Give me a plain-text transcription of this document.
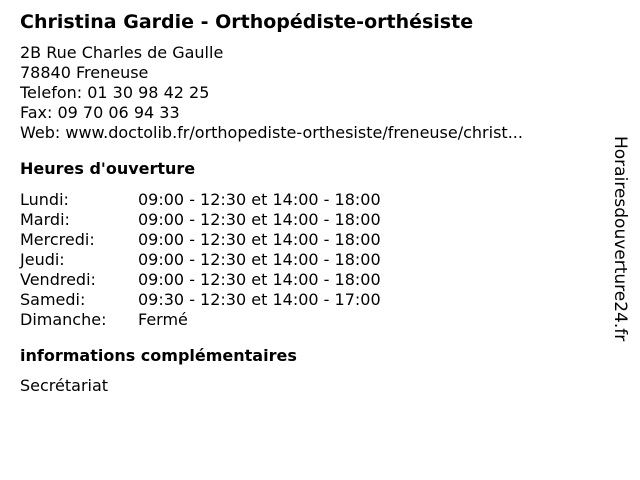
Christina Gardie - Orthopédiste-orthésiste
2B Rue Charles de Gaulle
78840 Freneuse
Telefon: 01 30 98 42 25
Fax: 09 70 06 94 33
Web: www.doctolib.fr/orthopediste-orthesiste/freneuse/christ...
Heures d'ouverture
Lundi:	09:00 - 12:30 et 14:00 - 18:00
Mardi:	09:00 - 12:30 et 14:00 - 18:00
Mercredi:	09:00 - 12:30 et 14:00 - 18:00
Jeudi:	09:00 - 12:30 et 14:00 - 18:00
Vendredi:	09:00 - 12:30 et 14:00 - 18:00
Samedi:	09:30 - 12:30 et 14:00 - 17:00
Dimanche:	Fermé
informations complémentaires
Secrétariat
Horairesdouverture24.fr
